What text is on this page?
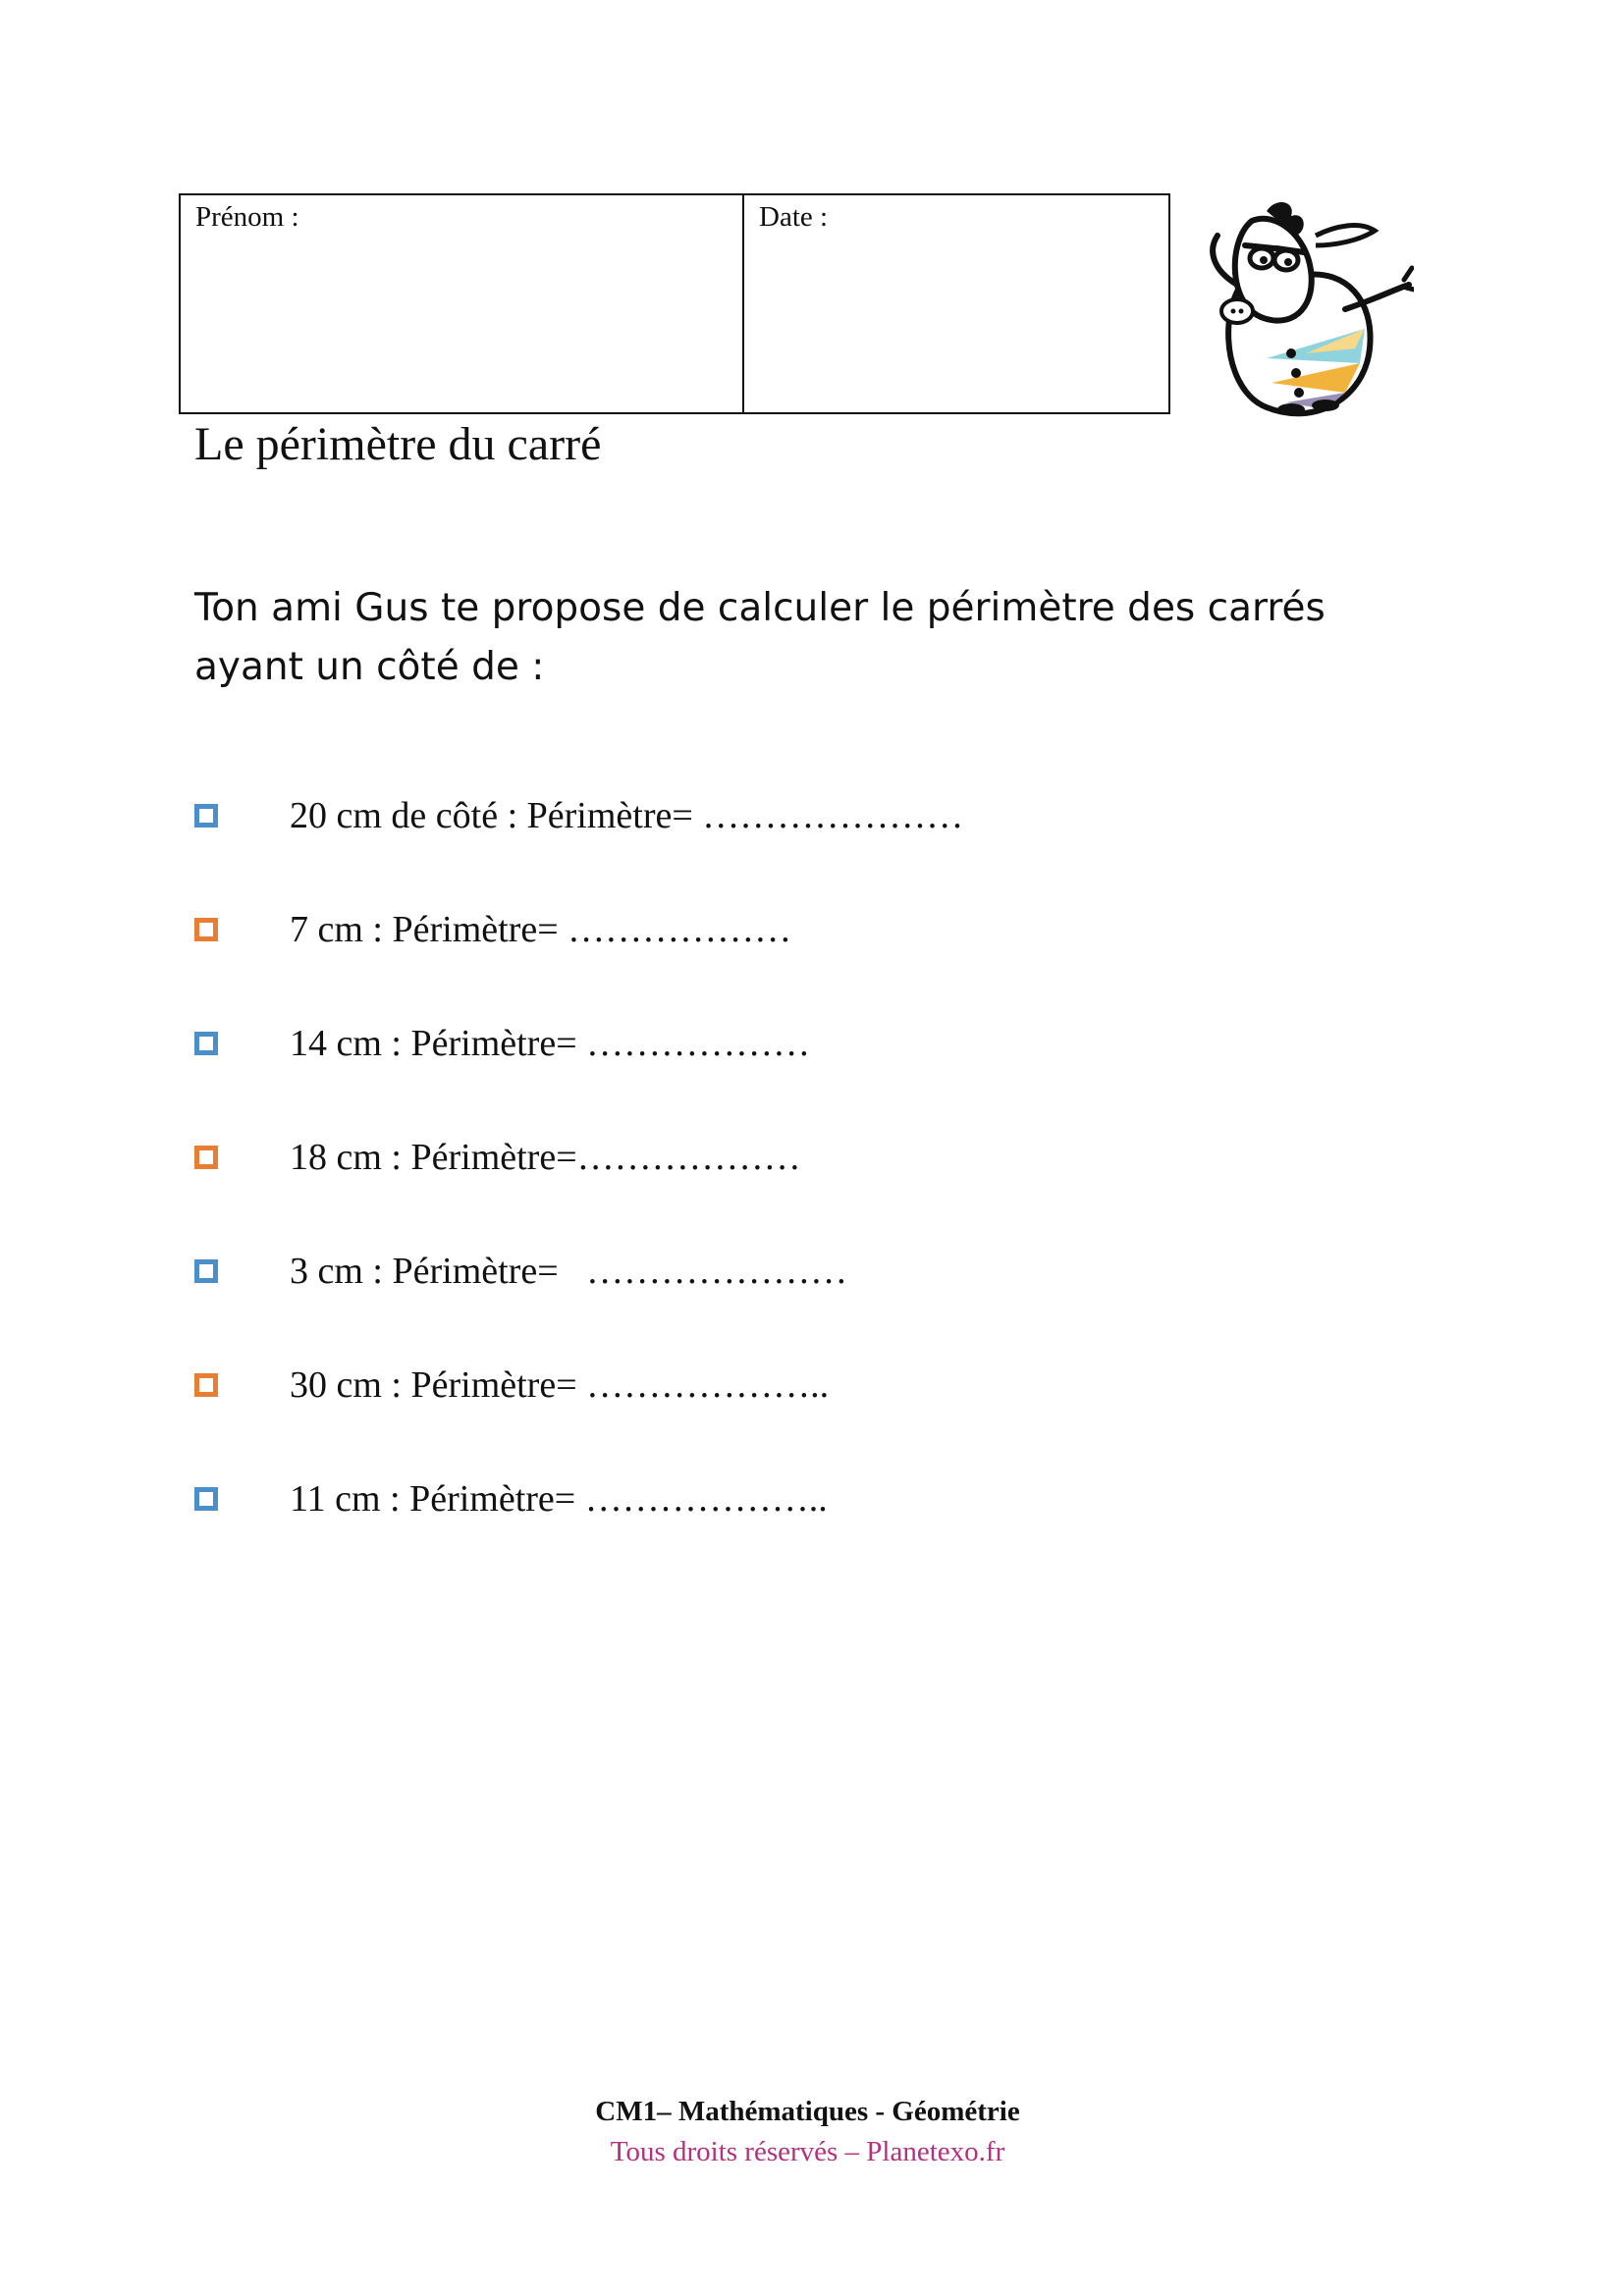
Prénom :	Date :
Le périmètre du carré

Ton ami Gus te propose de calculer le périmètre des carrés ayant un côté de :

20 cm de côté : Périmètre= …………………
7 cm : Périmètre= ………………
14 cm : Périmètre= ………………
18 cm : Périmètre=………………
3 cm : Périmètre=   …………………
30 cm : Périmètre= ………………..
11 cm : Périmètre= ………………..
CM1– Mathématiques - Géométrie
Tous droits réservés – Planetexo.fr
